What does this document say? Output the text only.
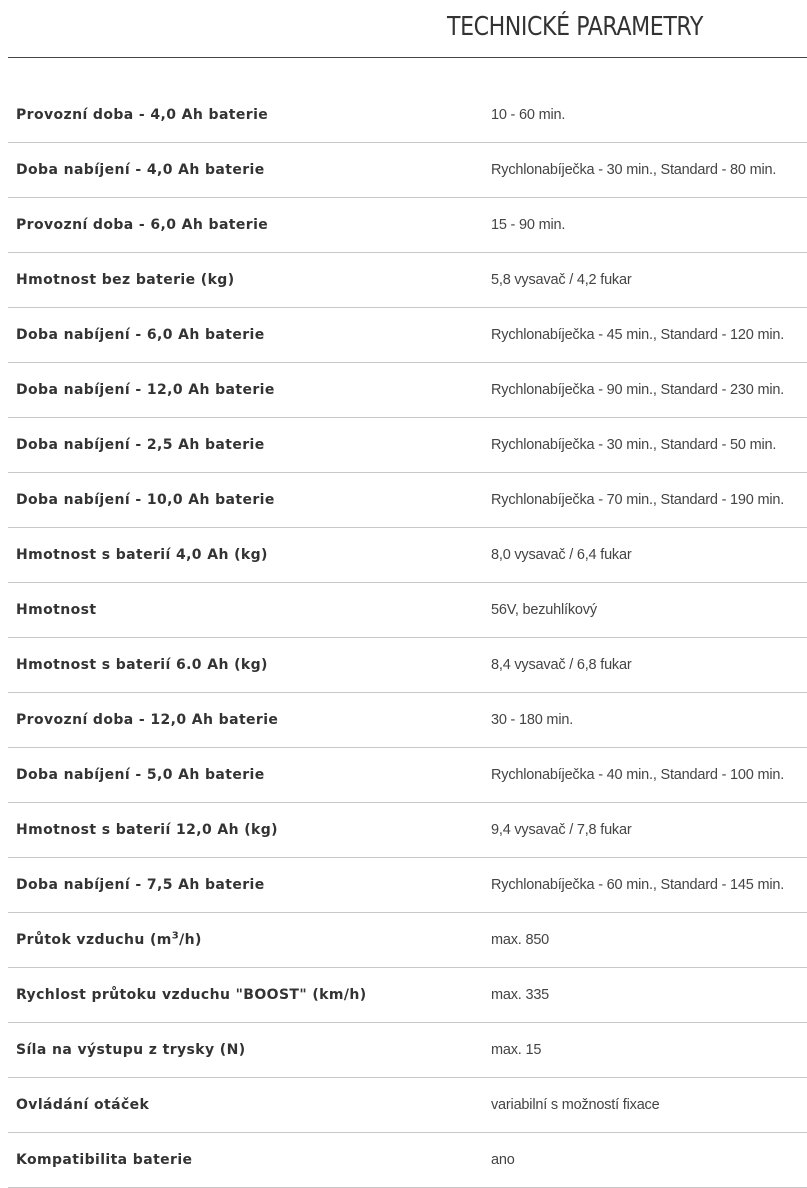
TECHNICKÉ PARAMETRY
Provozní doba - 4,0 Ah baterie	10 - 60 min.
Doba nabíjení - 4,0 Ah baterie	Rychlonabíječka - 30 min., Standard - 80 min.
Provozní doba - 6,0 Ah baterie	15 - 90 min.
Hmotnost bez baterie (kg)	5,8 vysavač / 4,2 fukar
Doba nabíjení - 6,0 Ah baterie	Rychlonabíječka - 45 min., Standard - 120 min.
Doba nabíjení - 12,0 Ah baterie	Rychlonabíječka - 90 min., Standard - 230 min.
Doba nabíjení - 2,5 Ah baterie	Rychlonabíječka - 30 min., Standard - 50 min.
Doba nabíjení - 10,0 Ah baterie	Rychlonabíječka - 70 min., Standard - 190 min.
Hmotnost s baterií 4,0 Ah (kg)	8,0 vysavač / 6,4 fukar
Hmotnost	56V, bezuhlíkový
Hmotnost s baterií 6.0 Ah (kg)	8,4 vysavač / 6,8 fukar
Provozní doba - 12,0 Ah baterie	30 - 180 min.
Doba nabíjení - 5,0 Ah baterie	Rychlonabíječka - 40 min., Standard - 100 min.
Hmotnost s baterií 12,0 Ah (kg)	9,4 vysavač / 7,8 fukar
Doba nabíjení - 7,5 Ah baterie	Rychlonabíječka - 60 min., Standard - 145 min.
Průtok vzduchu $(m^3/h)$	max. 850
Rychlost průtoku vzduchu "BOOST" (km/h)	max. 335
Síla na výstupu z trysky (N)	max. 15
Ovládání otáček	variabilní s možností fixace
Kompatibilita baterie	ano
